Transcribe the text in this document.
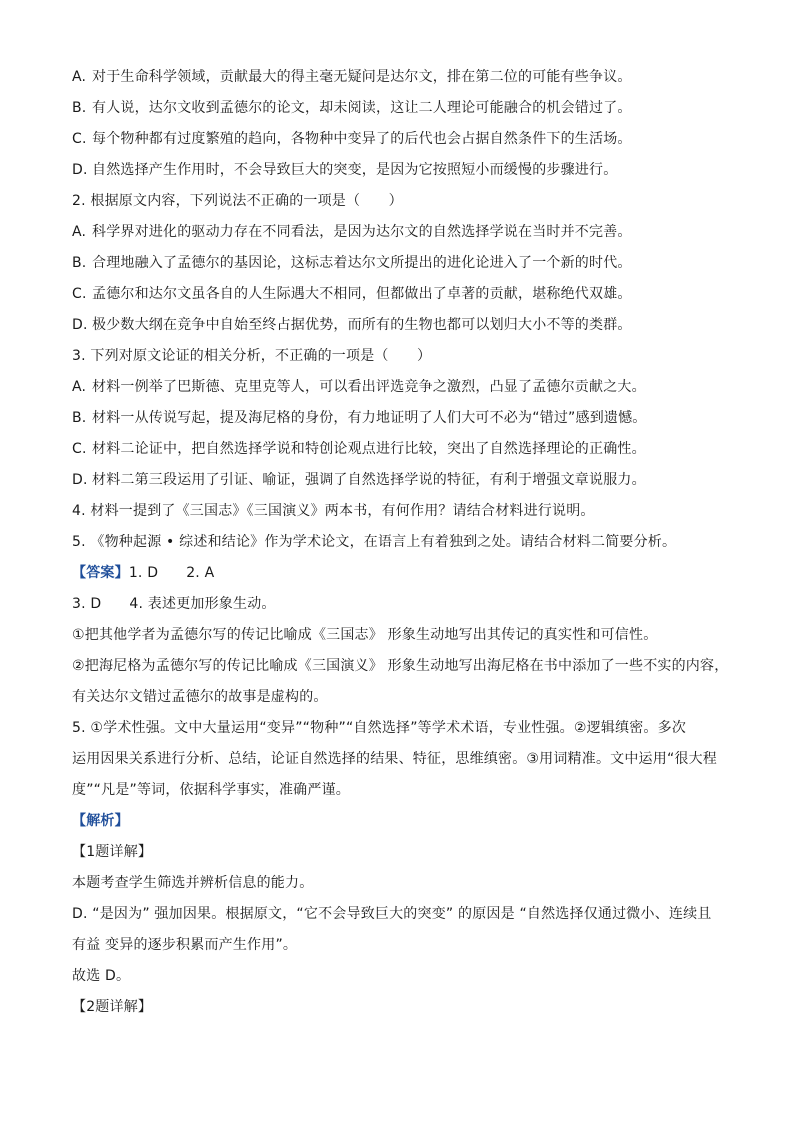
A. 对于生命科学领域，贡献最大的得主毫无疑问是达尔文，排在第二位的可能有些争议。
B. 有人说，达尔文收到孟德尔的论文，却未阅读，这让二人理论可能融合的机会错过了。
C. 每个物种都有过度繁殖的趋向，各物种中变异了的后代也会占据自然条件下的生活场。
D. 自然选择产生作用时，不会导致巨大的突变，是因为它按照短小而缓慢的步骤进行。
2. 根据原文内容，下列说法不正确的一项是（　　）
A. 科学界对进化的驱动力存在不同看法，是因为达尔文的自然选择学说在当时并不完善。
B. 合理地融入了孟德尔的基因论，这标志着达尔文所提出的进化论进入了一个新的时代。
C. 孟德尔和达尔文虽各自的人生际遇大不相同，但都做出了卓著的贡献，堪称绝代双雄。
D. 极少数大纲在竞争中自始至终占据优势，而所有的生物也都可以划归大小不等的类群。
3. 下列对原文论证的相关分析，不正确的一项是（　　）
A. 材料一例举了巴斯德、克里克等人，可以看出评选竞争之激烈，凸显了孟德尔贡献之大。
B. 材料一从传说写起，提及海尼格的身份，有力地证明了人们大可不必为“错过”感到遗憾。
C. 材料二论证中，把自然选择学说和特创论观点进行比较，突出了自然选择理论的正确性。
D. 材料二第三段运用了引证、喻证，强调了自然选择学说的特征，有利于增强文章说服力。
4. 材料一提到了《三国志》《三国演义》两本书，有何作用？请结合材料进行说明。
5. 《物种起源 • 综述和结论》作为学术论文，在语言上有着独到之处。请结合材料二简要分析。
【答案】1. D 2. A
3. D 4. 表述更加形象生动。
①把其他学者为孟德尔写的传记比喻成《三国志》 形象生动地写出其传记的真实性和可信性。
②把海尼格为孟德尔写的传记比喻成《三国演义》 形象生动地写出海尼格在书中添加了一些不实的内容，
有关达尔文错过孟德尔的故事是虚构的。
5. ①学术性强。文中大量运用“变异”“物种”“自然选择”等学术术语，专业性强。②逻辑缜密。多次
运用因果关系进行分析、总结，论证自然选择的结果、特征，思维缜密。③用词精准。文中运用“很大程
度”“凡是”等词，依据科学事实，准确严谨。
【解析】
【1题详解】
本题考查学生筛选并辨析信息的能力。
D. “是因为” 强加因果。根据原文，“它不会导致巨大的突变” 的原因是 “自然选择仅通过微小、连续且
有益 变异的逐步积累而产生作用”。
故选 D。
【2题详解】
